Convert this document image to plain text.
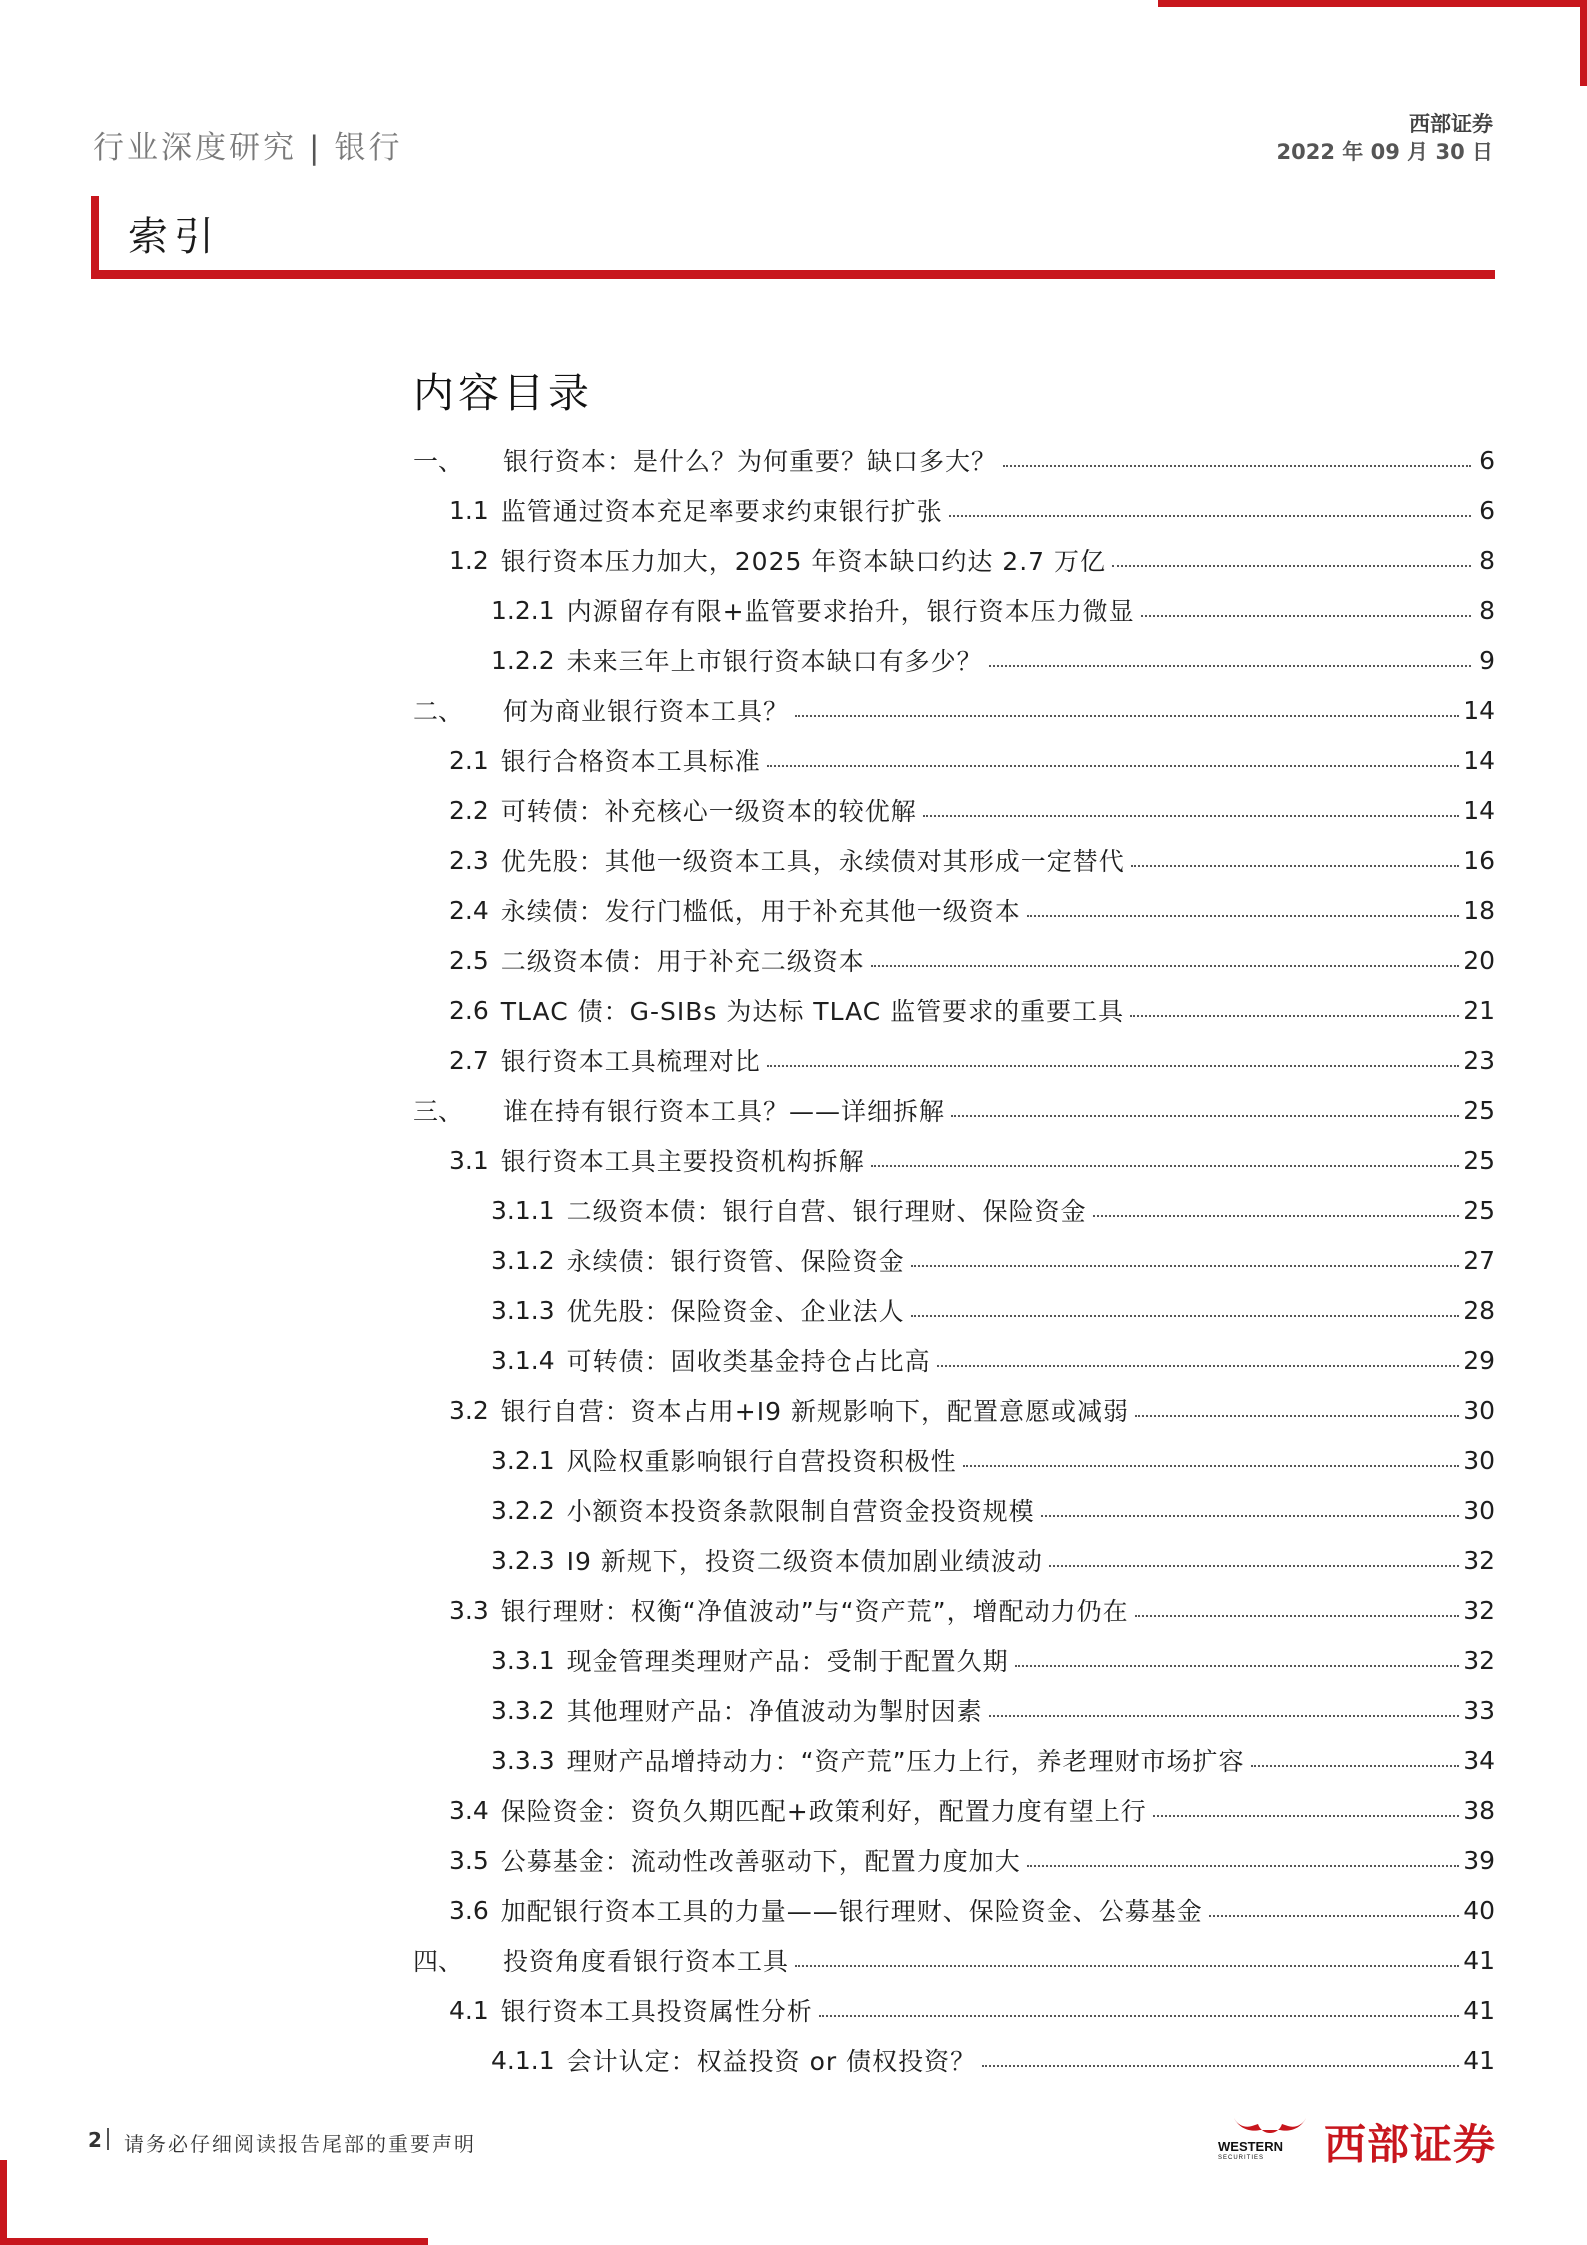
行业深度研究 | 银行
西部证券
2022 年 09 月 30 日
索引
内容目录
一、 银行资本：是什么？为何重要？缺口多大？	6
1.1 监管通过资本充足率要求约束银行扩张	6
1.2 银行资本压力加大，2025 年资本缺口约达 2.7 万亿	8
1.2.1 内源留存有限+监管要求抬升，银行资本压力微显	8
1.2.2 未来三年上市银行资本缺口有多少？	9
二、 何为商业银行资本工具？	14
2.1 银行合格资本工具标准	14
2.2 可转债：补充核心一级资本的较优解	14
2.3 优先股：其他一级资本工具，永续债对其形成一定替代	16
2.4 永续债：发行门槛低，用于补充其他一级资本	18
2.5 二级资本债：用于补充二级资本	20
2.6 TLAC 债：G-SIBs 为达标 TLAC 监管要求的重要工具	21
2.7 银行资本工具梳理对比	23
三、 谁在持有银行资本工具？——详细拆解	25
3.1 银行资本工具主要投资机构拆解	25
3.1.1 二级资本债：银行自营、银行理财、保险资金	25
3.1.2 永续债：银行资管、保险资金	27
3.1.3 优先股：保险资金、企业法人	28
3.1.4 可转债：固收类基金持仓占比高	29
3.2 银行自营：资本占用+I9 新规影响下，配置意愿或减弱	30
3.2.1 风险权重影响银行自营投资积极性	30
3.2.2 小额资本投资条款限制自营资金投资规模	30
3.2.3 I9 新规下，投资二级资本债加剧业绩波动	32
3.3 银行理财：权衡“净值波动”与“资产荒”，增配动力仍在	32
3.3.1 现金管理类理财产品：受制于配置久期	32
3.3.2 其他理财产品：净值波动为掣肘因素	33
3.3.3 理财产品增持动力：“资产荒”压力上行，养老理财市场扩容	34
3.4 保险资金：资负久期匹配+政策利好，配置力度有望上行	38
3.5 公募基金：流动性改善驱动下，配置力度加大	39
3.6 加配银行资本工具的力量——银行理财、保险资金、公募基金	40
四、 投资角度看银行资本工具	41
4.1 银行资本工具投资属性分析	41
4.1.1 会计认定：权益投资 or 债权投资？	41
2 请务必仔细阅读报告尾部的重要声明	WESTERN
SECURITIES 西部证券
